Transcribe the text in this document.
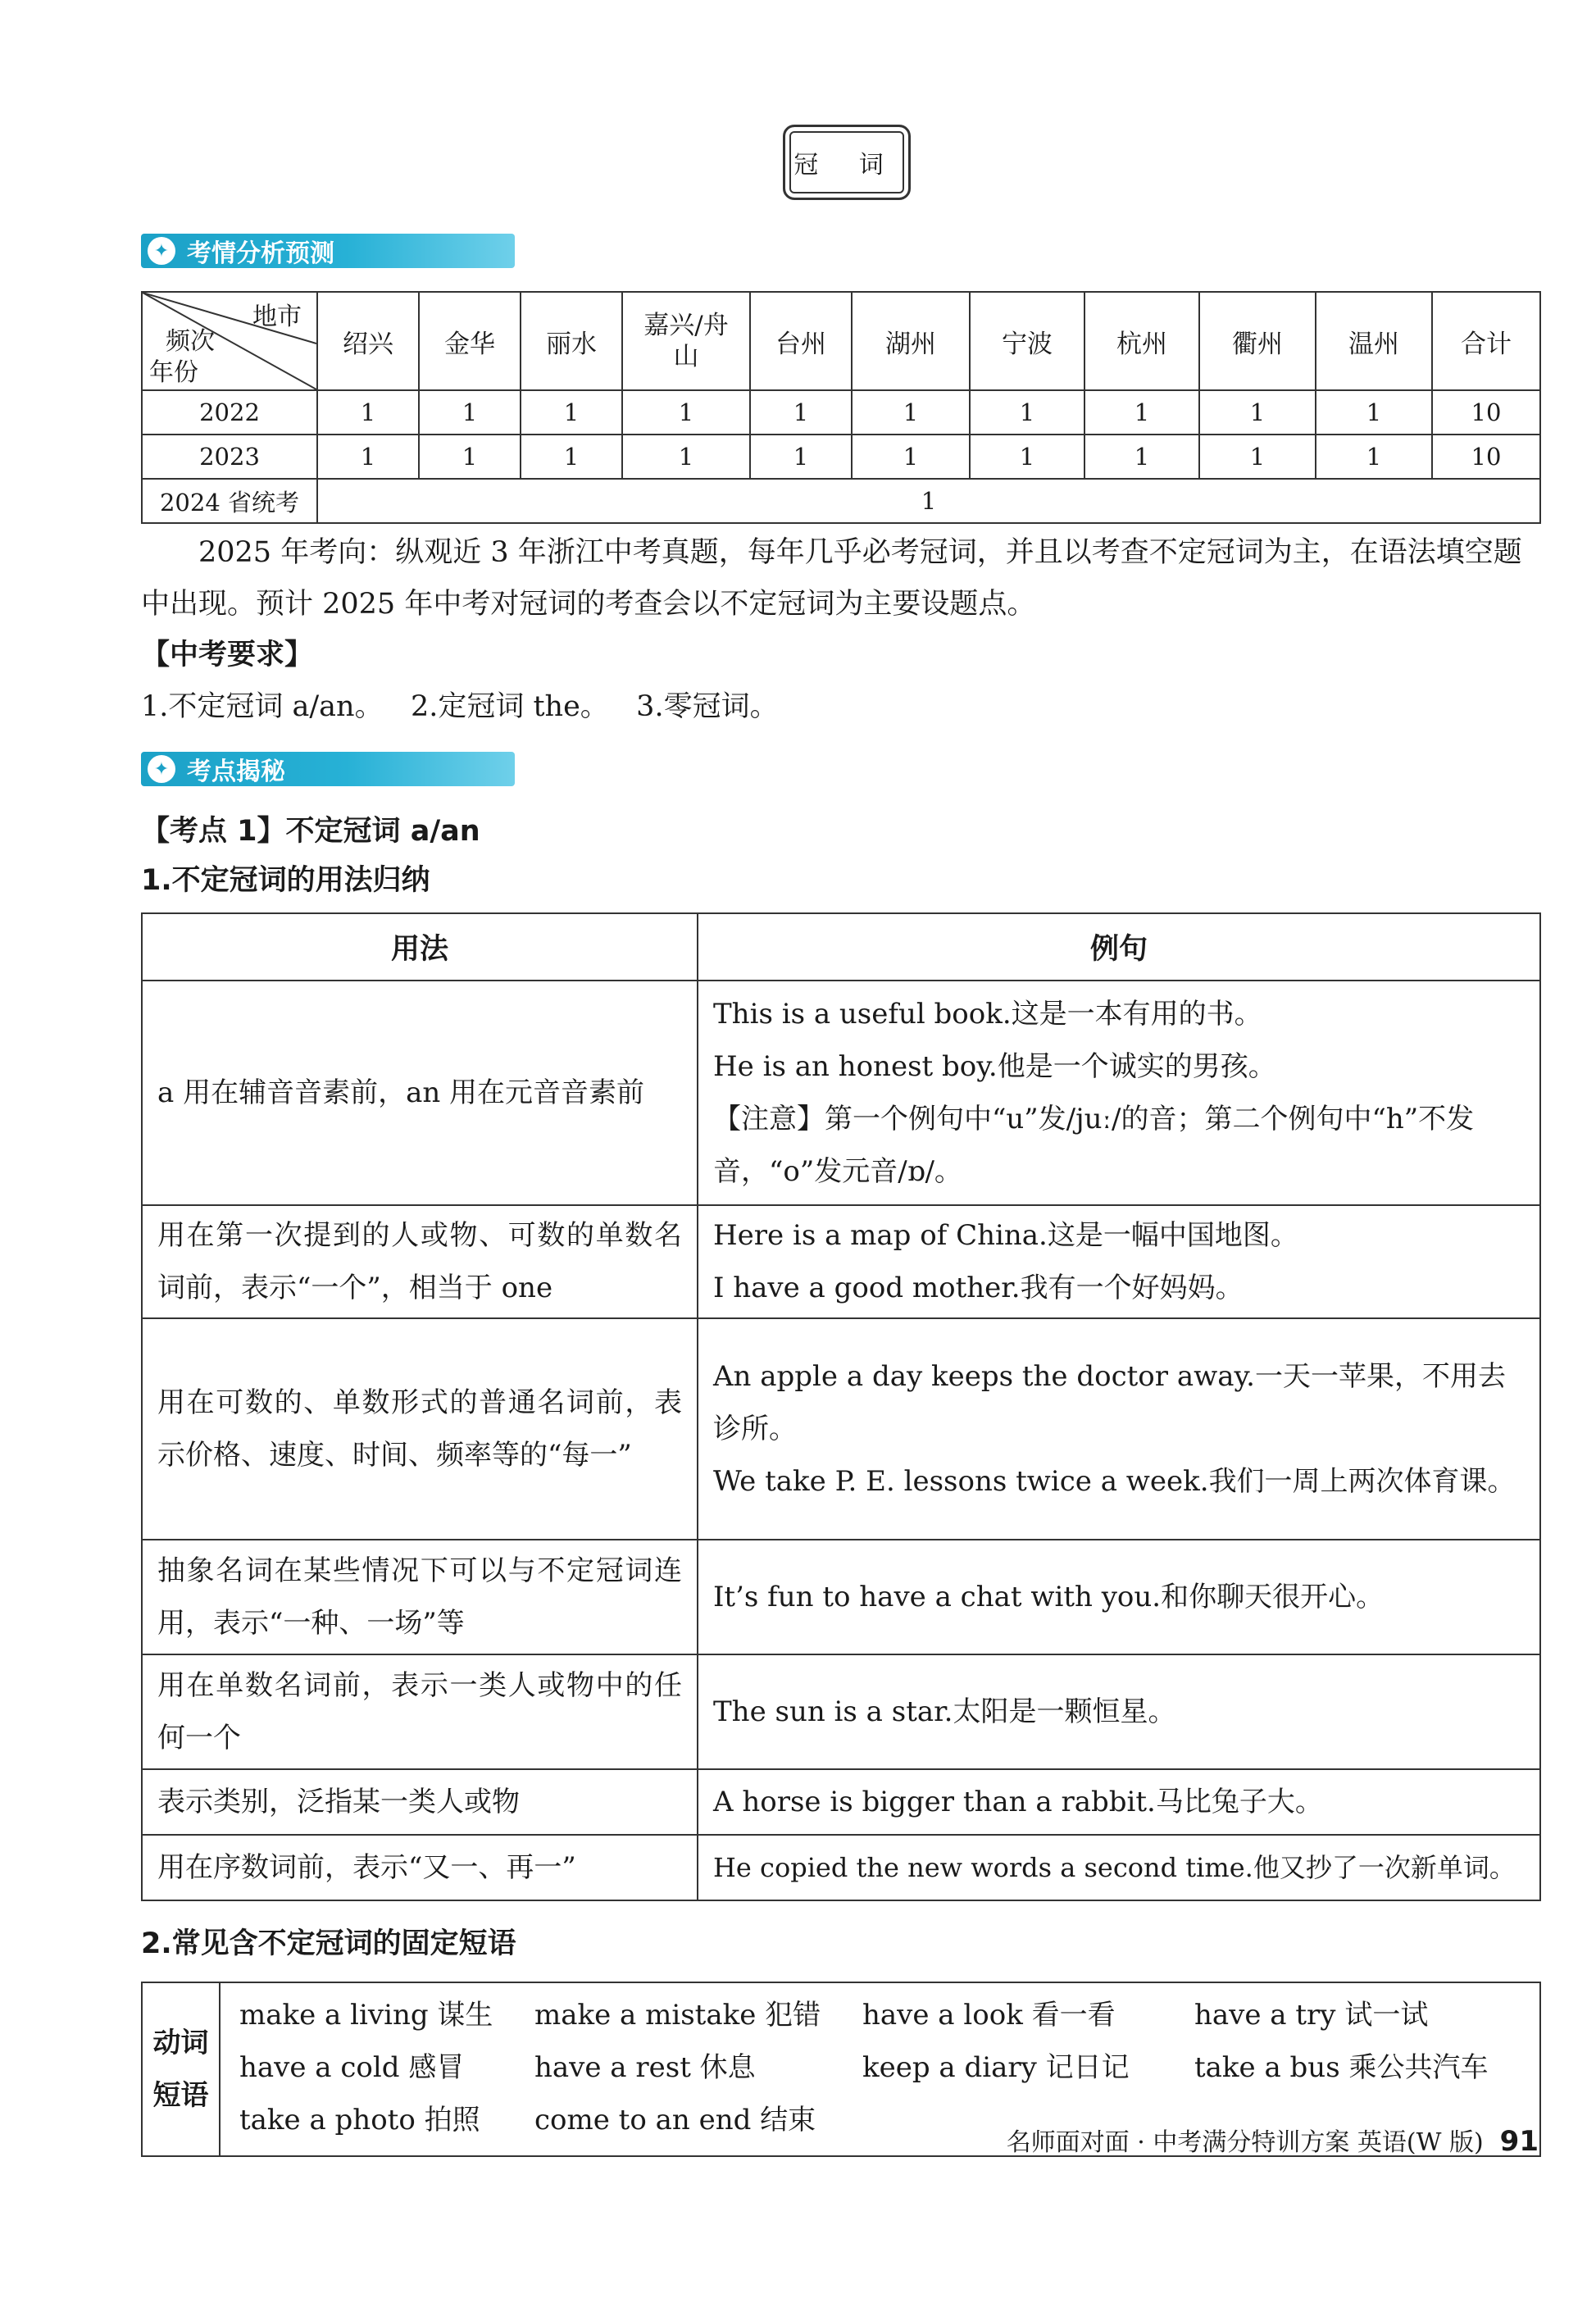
冠 词
✦ 考情分析预测
地市
频次
年份	绍兴	金华	丽水	嘉兴/舟山	台州	湖州	宁波	杭州	衢州	温州	合计
2022	1	1	1	1	1	1	1	1	1	1	10
2023	1	1	1	1	1	1	1	1	1	1	10
2024 省统考	1										
2025 年考向：纵观近 3 年浙江中考真题，每年几乎必考冠词，并且以考查不定冠词为主，在语法填空题中出现。预计 2025 年中考对冠词的考查会以不定冠词为主要设题点。
【中考要求】
1.不定冠词 a/an。   2.定冠词 the。   3.零冠词。
✦ 考点揭秘
【考点 1】不定冠词 a/an
1.不定冠词的用法归纳
用法	例句
a 用在辅音音素前，an 用在元音音素前	This is a useful book.这是一本有用的书。
He is an honest boy.他是一个诚实的男孩。
【注意】第一个例句中“u”发/juː/的音；第二个例句中“h”不发音，“o”发元音/ɒ/。

用在第一次提到的人或物、可数的单数名词前，表示“一个”，相当于 one	Here is a map of China.这是一幅中国地图。
I have a good mother.我有一个好妈妈。

用在可数的、单数形式的普通名词前，表示价格、速度、时间、频率等的“每一”	An apple a day keeps the doctor away.一天一苹果，不用去诊所。
We take P. E. lessons twice a week.我们一周上两次体育课。

抽象名词在某些情况下可以与不定冠词连用，表示“一种、一场”等	It’s fun to have a chat with you.和你聊天很开心。

用在单数名词前，表示一类人或物中的任何一个	The sun is a star.太阳是一颗恒星。

表示类别，泛指某一类人或物	A horse is bigger than a rabbit.马比兔子大。

用在序数词前，表示“又一、再一”	He copied the new words a second time.他又抄了一次新单词。
2.常见含不定冠词的固定短语
动词
短语

make a living 谋生	make a mistake 犯错	have a look 看一看	have a try 试一试
have a cold 感冒	have a rest 休息	keep a diary 记日记	take a bus 乘公共汽车
take a photo 拍照	come to an end 结束
名师面对面 · 中考满分特训方案 英语(W 版) 91
